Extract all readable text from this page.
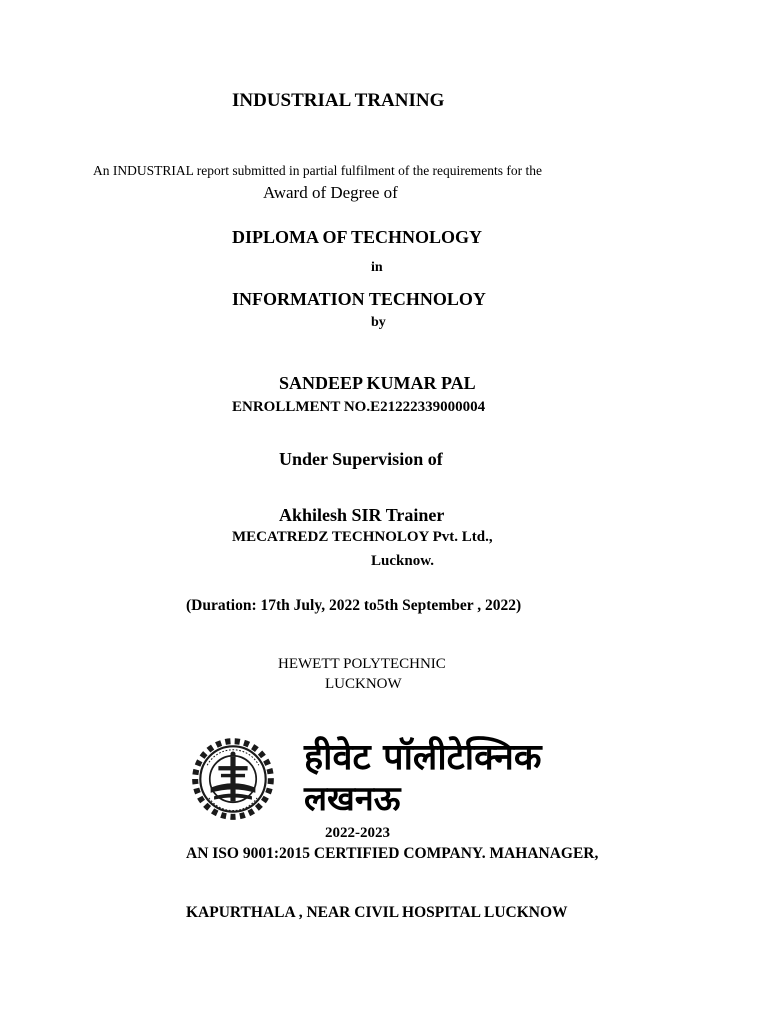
INDUSTRIAL TRANING
An INDUSTRIAL report submitted in partial fulfilment of the requirements for the
Award of Degree of
DIPLOMA OF TECHNOLOGY
in
INFORMATION TECHNOLOY
by
SANDEEP KUMAR PAL
ENROLLMENT NO.E21222339000004
Under Supervision of
Akhilesh SIR Trainer
MECATREDZ TECHNOLOY Pvt. Ltd.,
Lucknow.
(Duration: 17th July, 2022 to5th September , 2022)
HEWETT POLYTECHNIC
LUCKNOW
हीवेट पॉलीटेक्निक
लखनऊ
2022-2023
AN ISO 9001:2015 CERTIFIED COMPANY. MAHANAGER,
KAPURTHALA , NEAR CIVIL HOSPITAL LUCKNOW
